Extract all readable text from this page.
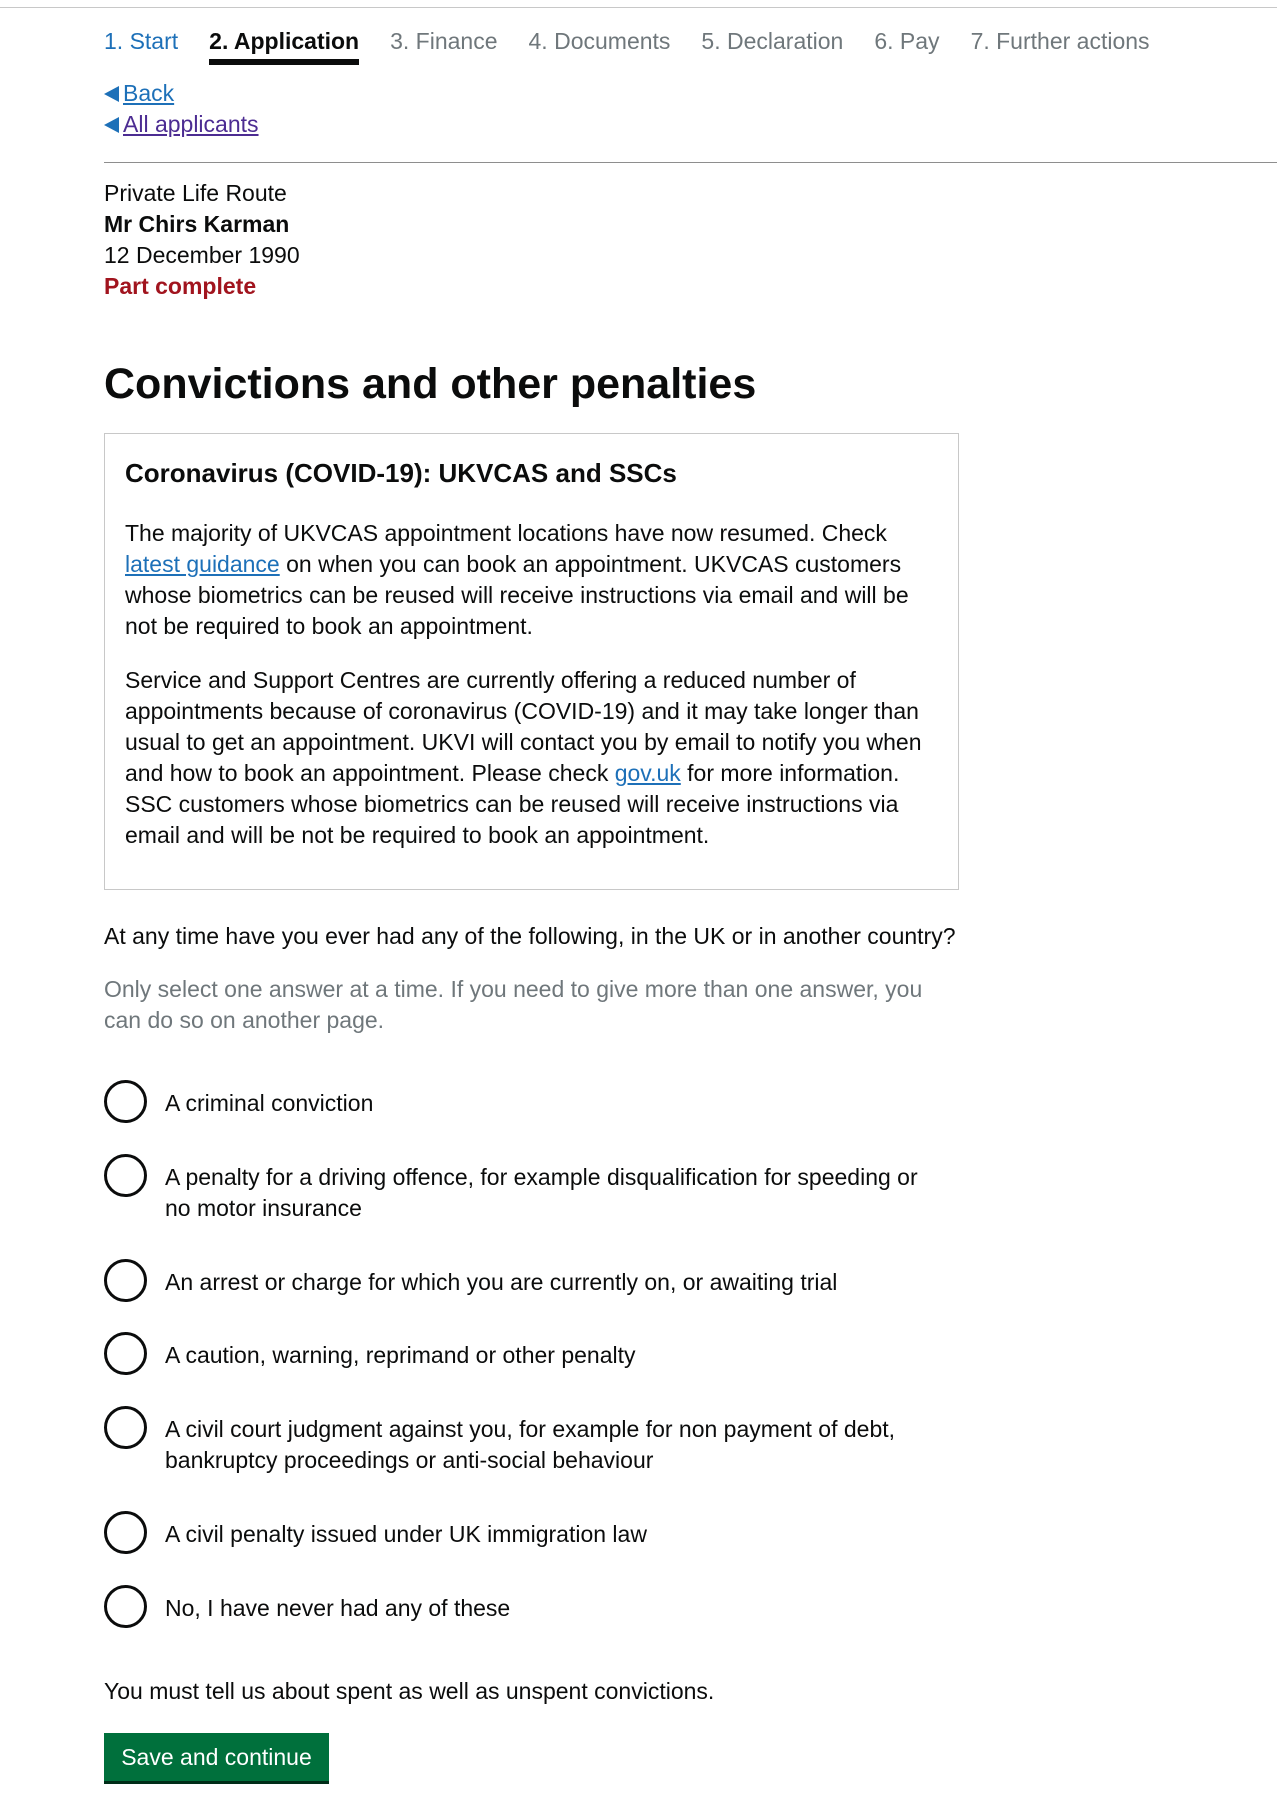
1. Start 2. Application 3. Finance 4. Documents 5. Declaration 6. Pay 7. Further actions
Back
All applicants
Private Life Route
Mr Chirs Karman
12 December 1990
Part complete
Convictions and other penalties
Coronavirus (COVID-19): UKVCAS and SSCs

The majority of UKVCAS appointment locations have now resumed. Check latest guidance on when you can book an appointment. UKVCAS customers whose biometrics can be reused will receive instructions via email and will be not be required to book an appointment.

Service and Support Centres are currently offering a reduced number of appointments because of coronavirus (COVID-19) and it may take longer than usual to get an appointment. UKVI will contact you by email to notify you when and how to book an appointment. Please check gov.uk for more information. SSC customers whose biometrics can be reused will receive instructions via email and will be not be required to book an appointment.

At any time have you ever had any of the following, in the UK or in another country?
Only select one answer at a time. If you need to give more than one answer, you can do so on another page.
A criminal conviction
A penalty for a driving offence, for example disqualification for speeding or no motor insurance
An arrest or charge for which you are currently on, or awaiting trial
A caution, warning, reprimand or other penalty
A civil court judgment against you, for example for non payment of debt, bankruptcy proceedings or anti-social behaviour
A civil penalty issued under UK immigration law
No, I have never had any of these
You must tell us about spent as well as unspent convictions.
Save and continue
